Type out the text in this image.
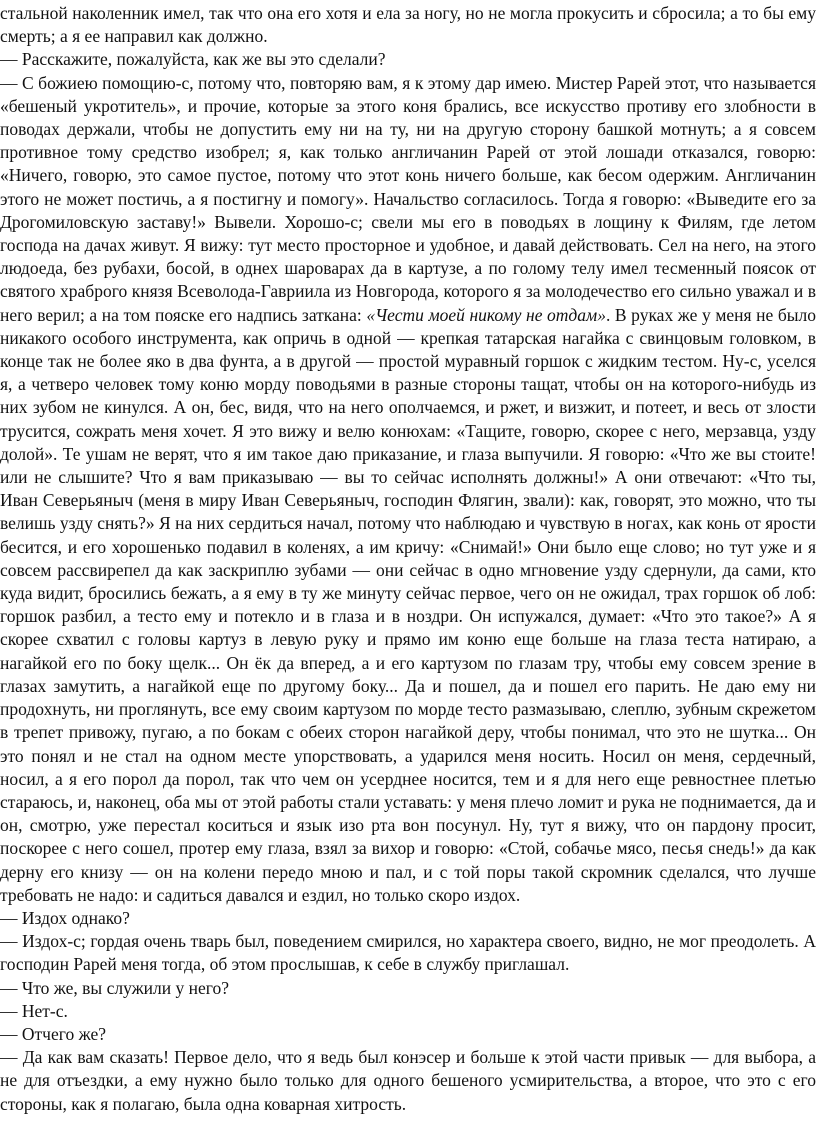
стальной наколенник имел, так что она его хотя и ела за ногу, но не могла прокусить и сбросила; а то бы ему смерть; а я ее направил как должно.

— Расскажите, пожалуйста, как же вы это сделали?

— С божиею помощию-с, потому что, повторяю вам, я к этому дар имею. Мистер Рарей этот, что называется «бешеный укротитель», и прочие, которые за этого коня брались, все искусство противу его злобности в поводах держали, чтобы не допустить ему ни на ту, ни на другую сторону башкой мотнуть; а я совсем противное тому средство изобрел; я, как только англичанин Рарей от этой лошади отказался, говорю: «Ничего, говорю, это самое пустое, потому что этот конь ничего больше, как бесом одержим. Англичанин этого не может постичь, а я постигну и помогу». Начальство согласилось. Тогда я говорю: «Выведите его за Дрогомиловскую заставу!» Вывели. Хорошо-с; свели мы его в поводьях в лощину к Филям, где летом господа на дачах живут. Я вижу: тут место просторное и удобное, и давай действовать. Сел на него, на этого людоеда, без рубахи, босой, в однех шароварах да в картузе, а по голому телу имел тесменный поясок от святого храброго князя Всеволода-Гавриила из Новгорода, которого я за молодечество его сильно уважал и в него верил; а на том пояске его надпись заткана: «Чести моей никому не отдам». В руках же у меня не было никакого особого инструмента, как опричь в одной — крепкая татарская нагайка с свинцовым головком, в конце так не более яко в два фунта, а в другой — простой муравный горшок с жидким тестом. Ну-с, уселся я, а четверо человек тому коню морду поводьями в разные стороны тащат, чтобы он на которого-нибудь из них зубом не кинулся. А он, бес, видя, что на него ополчаемся, и ржет, и визжит, и потеет, и весь от злости трусится, сожрать меня хочет. Я это вижу и велю конюхам: «Тащите, говорю, скорее с него, мерзавца, узду долой». Те ушам не верят, что я им такое даю приказание, и глаза выпучили. Я говорю: «Что же вы стоите! или не слышите? Что я вам приказываю — вы то сейчас исполнять должны!» А они отвечают: «Что ты, Иван Северьяныч (меня в миру Иван Северьяныч, господин Флягин, звали): как, говорят, это можно, что ты велишь узду снять?» Я на них сердиться начал, потому что наблюдаю и чувствую в ногах, как конь от ярости бесится, и его хорошенько подавил в коленях, а им кричу: «Снимай!» Они было еще слово; но тут уже и я совсем рассвирепел да как заскриплю зубами — они сейчас в одно мгновение узду сдернули, да сами, кто куда видит, бросились бежать, а я ему в ту же минуту сейчас первое, чего он не ожидал, трах горшок об лоб: горшок разбил, а тесто ему и потекло и в глаза и в ноздри. Он испужался, думает: «Что это такое?» А я скорее схватил с головы картуз в левую руку и прямо им коню еще больше на глаза теста натираю, а нагайкой его по боку щелк... Он ёк да вперед, а и его картузом по глазам тру, чтобы ему совсем зрение в глазах замутить, а нагайкой еще по другому боку... Да и пошел, да и пошел его парить. Не даю ему ни продохнуть, ни проглянуть, все ему своим картузом по морде тесто размазываю, слеплю, зубным скрежетом в трепет привожу, пугаю, а по бокам с обеих сторон нагайкой деру, чтобы понимал, что это не шутка... Он это понял и не стал на одном месте упорствовать, а ударился меня носить. Носил он меня, сердечный, носил, а я его порол да порол, так что чем он усерднее носится, тем и я для него еще ревностнее плетью стараюсь, и, наконец, оба мы от этой работы стали уставать: у меня плечо ломит и рука не поднимается, да и он, смотрю, уже перестал коситься и язык изо рта вон посунул. Ну, тут я вижу, что он пардону просит, поскорее с него сошел, протер ему глаза, взял за вихор и говорю: «Стой, собачье мясо, песья снедь!» да как дерну его книзу — он на колени передо мною и пал, и с той поры такой скромник сделался, что лучше требовать не надо: и садиться давался и ездил, но только скоро издох.

— Издох однако?

— Издох-с; гордая очень тварь был, поведением смирился, но характера своего, видно, не мог преодолеть. А господин Рарей меня тогда, об этом прослышав, к себе в службу приглашал.

— Что же, вы служили у него?

— Нет-с.

— Отчего же?

— Да как вам сказать! Первое дело, что я ведь был конэсер и больше к этой части привык — для выбора, а не для отъездки, а ему нужно было только для одного бешеного усмирительства, а второе, что это с его стороны, как я полагаю, была одна коварная хитрость.
